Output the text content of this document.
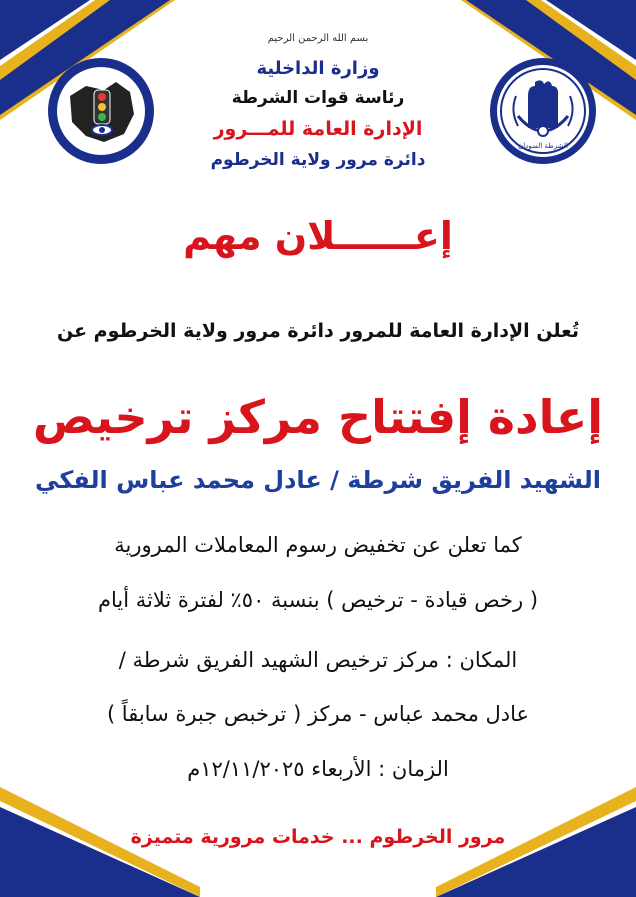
الشرطة السودان
بسم الله الرحمن الرحيم
وزارة الداخلية
رئاسة قوات الشرطة
الإدارة العامة للمـــرور
دائرة مرور ولاية الخرطوم
إعــــــلان مهم
تُعلن الإدارة العامة للمرور دائرة مرور ولاية الخرطوم عن
إعادة إفتتاح مركز ترخيص
الشهيد الفريق شرطة / عادل محمد عباس الفكي
كما تعلن عن تخفيض رسوم المعاملات المرورية
( رخص قيادة - ترخيص ) بنسبة ٥٠٪ لفترة ثلاثة أيام
المكان : مركز ترخيص الشهيد الفريق شرطة /
عادل محمد عباس - مركز ( ترخبص جبرة سابقاً )
الزمان : الأربعاء ١٢/١١/٢٠٢٥م
مرور الخرطوم ... خدمات مرورية متميزة
